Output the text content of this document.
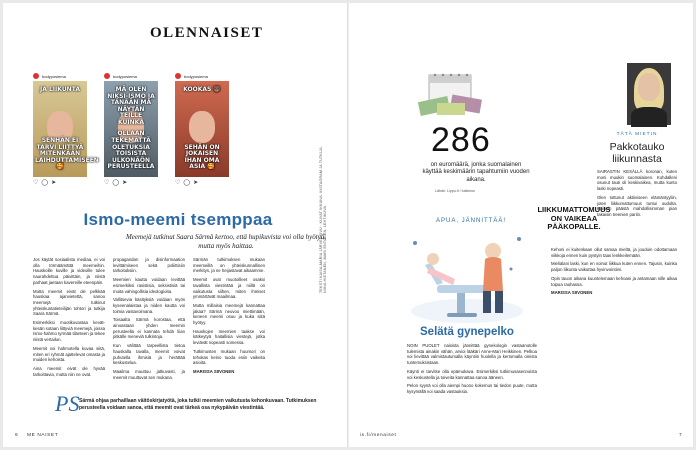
OLENNAISET
bodyposiema
JA LIIKUNTA
SENHÄN EI TARVI LIITTYÄ MITENKÄÄN LAIHDUTTAMISEEN 🥰
♡ ◯ ➤
bodyposiema
MÄ OLEN NIKSI-ISMO JA TÄNÄÄN MÄ NÄYTÄN TEILLE KUINKA
OLLAAN TEKEMÄTTÄ OLETUKSIA TOISISTA ULKONÄÖN PERUSTEELLA
♡ ◯ ➤
bodyposiema
KOOKAS 🐻
SEHÄN ON JOKAISEN IHAN OMA ASIA 🥰
♡ ◯ ➤	TEKSTI KAISA-MARIA JÄRVENSIVU · KUVAT IKKUNA, INSTAGRAM JA TUTKIJA, NIINA HIETANEN, MARI ENTONEN, LEHTIKUVA
Ismo-meemi tsemppaa
Meemejä tutkinut Saara Särmä kertoo, että hupikuvista voi olla hyötyä, mutta myös haittaa.

Jos käytät sosiaalista mediaa, ei voi olla törmäämättä meemeihin. Hauskoille kuville ja videoille tulee naurahdettua päivittäin, ja niistä parhaat jaetaan kavereille eteenpäin.

Mutta meemit eivät ole pelkkää hauskaa ajanvietettä, sanoo meemejä tutkinut yhteiskuntatieteilijän tohtori ja tutkija Saara Särmä.

Esimerkiksi muotikuvastaa kevät-kesän sotaan liittyviä meemejä, joissa Ismo-hahmo tyrmää tilanteen ja tekee niistä vertailun.

Meemit voi hahmotella kuvaa siitä, miten eri ryhmät ajattelevat omasta ja muiden kehoista.

Aina meemit eivät ole hyvää tarkoittavia, mutta niin ne ovat.

propagandan ja disinformaation levittämiseen sekä poliittisiin tarkoituksiin.

Meemien kautta voidaan levittää esimerkiksi rasistisia, seksistisiä tai muita vahingollisia ideologioita.

Vallitsevia käsityksiä voidaan myös kyseenalaistaa ja niiden kautta voi toimia vastavoimana.

Toisaalta Särmä korostaa, että ainoastaan yhden meemin perusteella ei kannata tehdä liian pitkälle meneviä tulkintoja.

Kun välittää tarpeellista tietoa hauskalla tavalla, meemit voivat puhutella ihmisiä ja herättää keskustelua.

Maailma muuttuu jatkuvasti, ja meemit muuttuvat sen mukana.

Särmän tutkimuksen mukaan meemeillä on yhteiskunnallinen merkitys, ja ne heijastavat aikaamme.

Meemit ovat muotoilleet osaksi tavallista viestintää ja niillä on vaikutusta siihen, miten ihmiset ymmärtävät maailmaa.

Mutta millaisia meemejä kannattaa jakaa? Särmä neuvoo miettimään, keneen meemi osuu ja kuka siitä hyötyy.

Hauskojen meemien taakse voi kätkeytyä haitallisia viestejä, jotka leviävät nopeasti somessa.

Tutkimusten mukaan huumori on tehokas keino tuoda esiin vaikeita asioita.

MARISSA SIIVONEN

PS Särmä ohjaa parhaillaan väitöskirjatyötä, joka tutkii meemien vaikutusta kehonkuvaan. Tutkimuksen perusteella voidaan sanoa, että meemit ovat tärkeä osa nykypäivän viestintää.
6 ME NAISET
286
on euromäärä, jonka suomalainen käyttää keskimäärin tapahtumiin vuoden aikana.
Lähde: Lippu.fi / tutkimus
APUA, JÄNNITTÄÄ!
Selätä gynepelko

NOIN PUOLET naisista jännittää gynekologin vastaanotolle tulemista ainakin vähän, arvioi lääkäri Anne-Mari Heikkinen. Pelkoa voi lievittää valmistautumalla käyntiin huolella ja kertomalla omista tuntemuksistaan.

Käynti ei tarvitse olla epämukava. Esimerkiksi tutkimusasennoista voi keskustella ja toiveita kannattaa sanoa ääneen.

Pelon syynä voi olla aiempi huono kokemus tai tiedon puute, mutta kysymällä voi saada vastauksia.

LIIKKUMATTOMUUS ON VAIKEAA PÄÄKOPALLE.
TÄTÄ MIETIN
Pakkotauko liikunnasta

SAIRASTIN KESÄLLÄ koronan, kuten moni muukin suomalainen. Kohdalleni osunut tauti oli keskivaikea, mutta kunto laski nopeasti.

Olen tottunut aktiiviseen elämäntyyliin, joten liikkumattomuus tuntui oudolta. Halusin päästä mahdollisimman pian takaisin treenien pariin.

Kehoni ei kuitenkaan ollut samaa mieltä, ja jouduin odottamaan viikkoja ennen kuin pystyin taas lenkkeilemään.

Mielialani laski, kun en voinut liikkua kuten ennen. Tajusin, kuinka paljon liikunta vaikuttaa hyvinvointiini.

Opin tauon aikana kuuntelemaan kehoani ja antamaan sille aikaa toipua rauhassa.

MARISSA SIIVONEN

is.fi/menaiset	7
